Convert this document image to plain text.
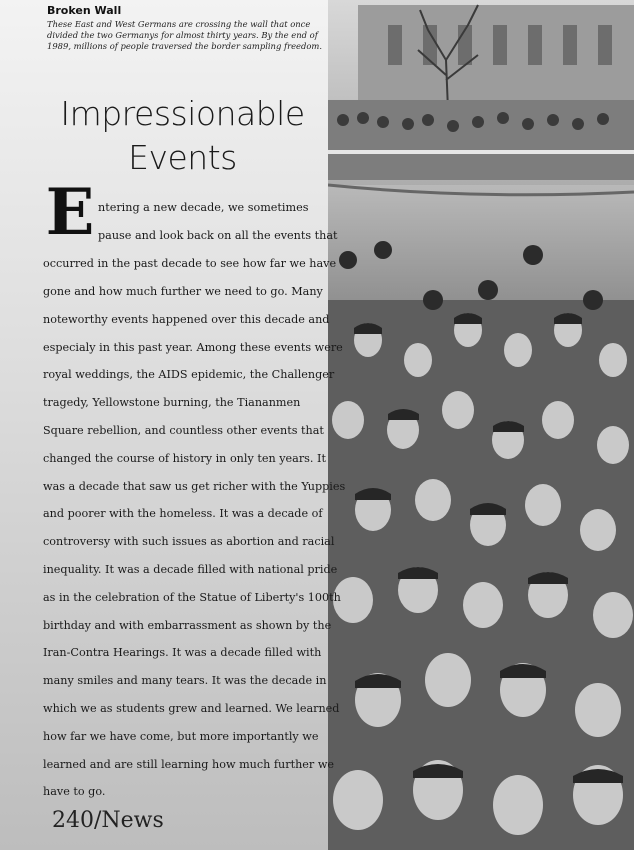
Broken Wall
These East and West Germans are crossing the wall that once divided the two Germanys for almost thirty years. By the end of 1989, millions of people traversed the border sampling freedom.
Impressionable
Events
E ntering a new decade, we sometimes
pause and look back on all the events that
occurred in the past decade to see how far we have
gone and how much further we need to go. Many
noteworthy events happened over this decade and
especialy in this past year. Among these events were
royal weddings, the AIDS epidemic, the Challenger
tragedy, Yellowstone burning, the Tiananmen
Square rebellion, and countless other events that
changed the course of history in only ten years. It
was a decade that saw us get richer with the Yuppies
and poorer with the homeless. It was a decade of
controversy with such issues as abortion and racial
inequality. It was a decade filled with national pride
as in the celebration of the Statue of Liberty's 100th
birthday and with embarrassment as shown by the
Iran-Contra Hearings. It was a decade filled with
many smiles and many tears. It was the decade in
which we as students grew and learned. We learned
how far we have come, but more importantly we
learned and are still learning how much further we
have to go.
240/News
